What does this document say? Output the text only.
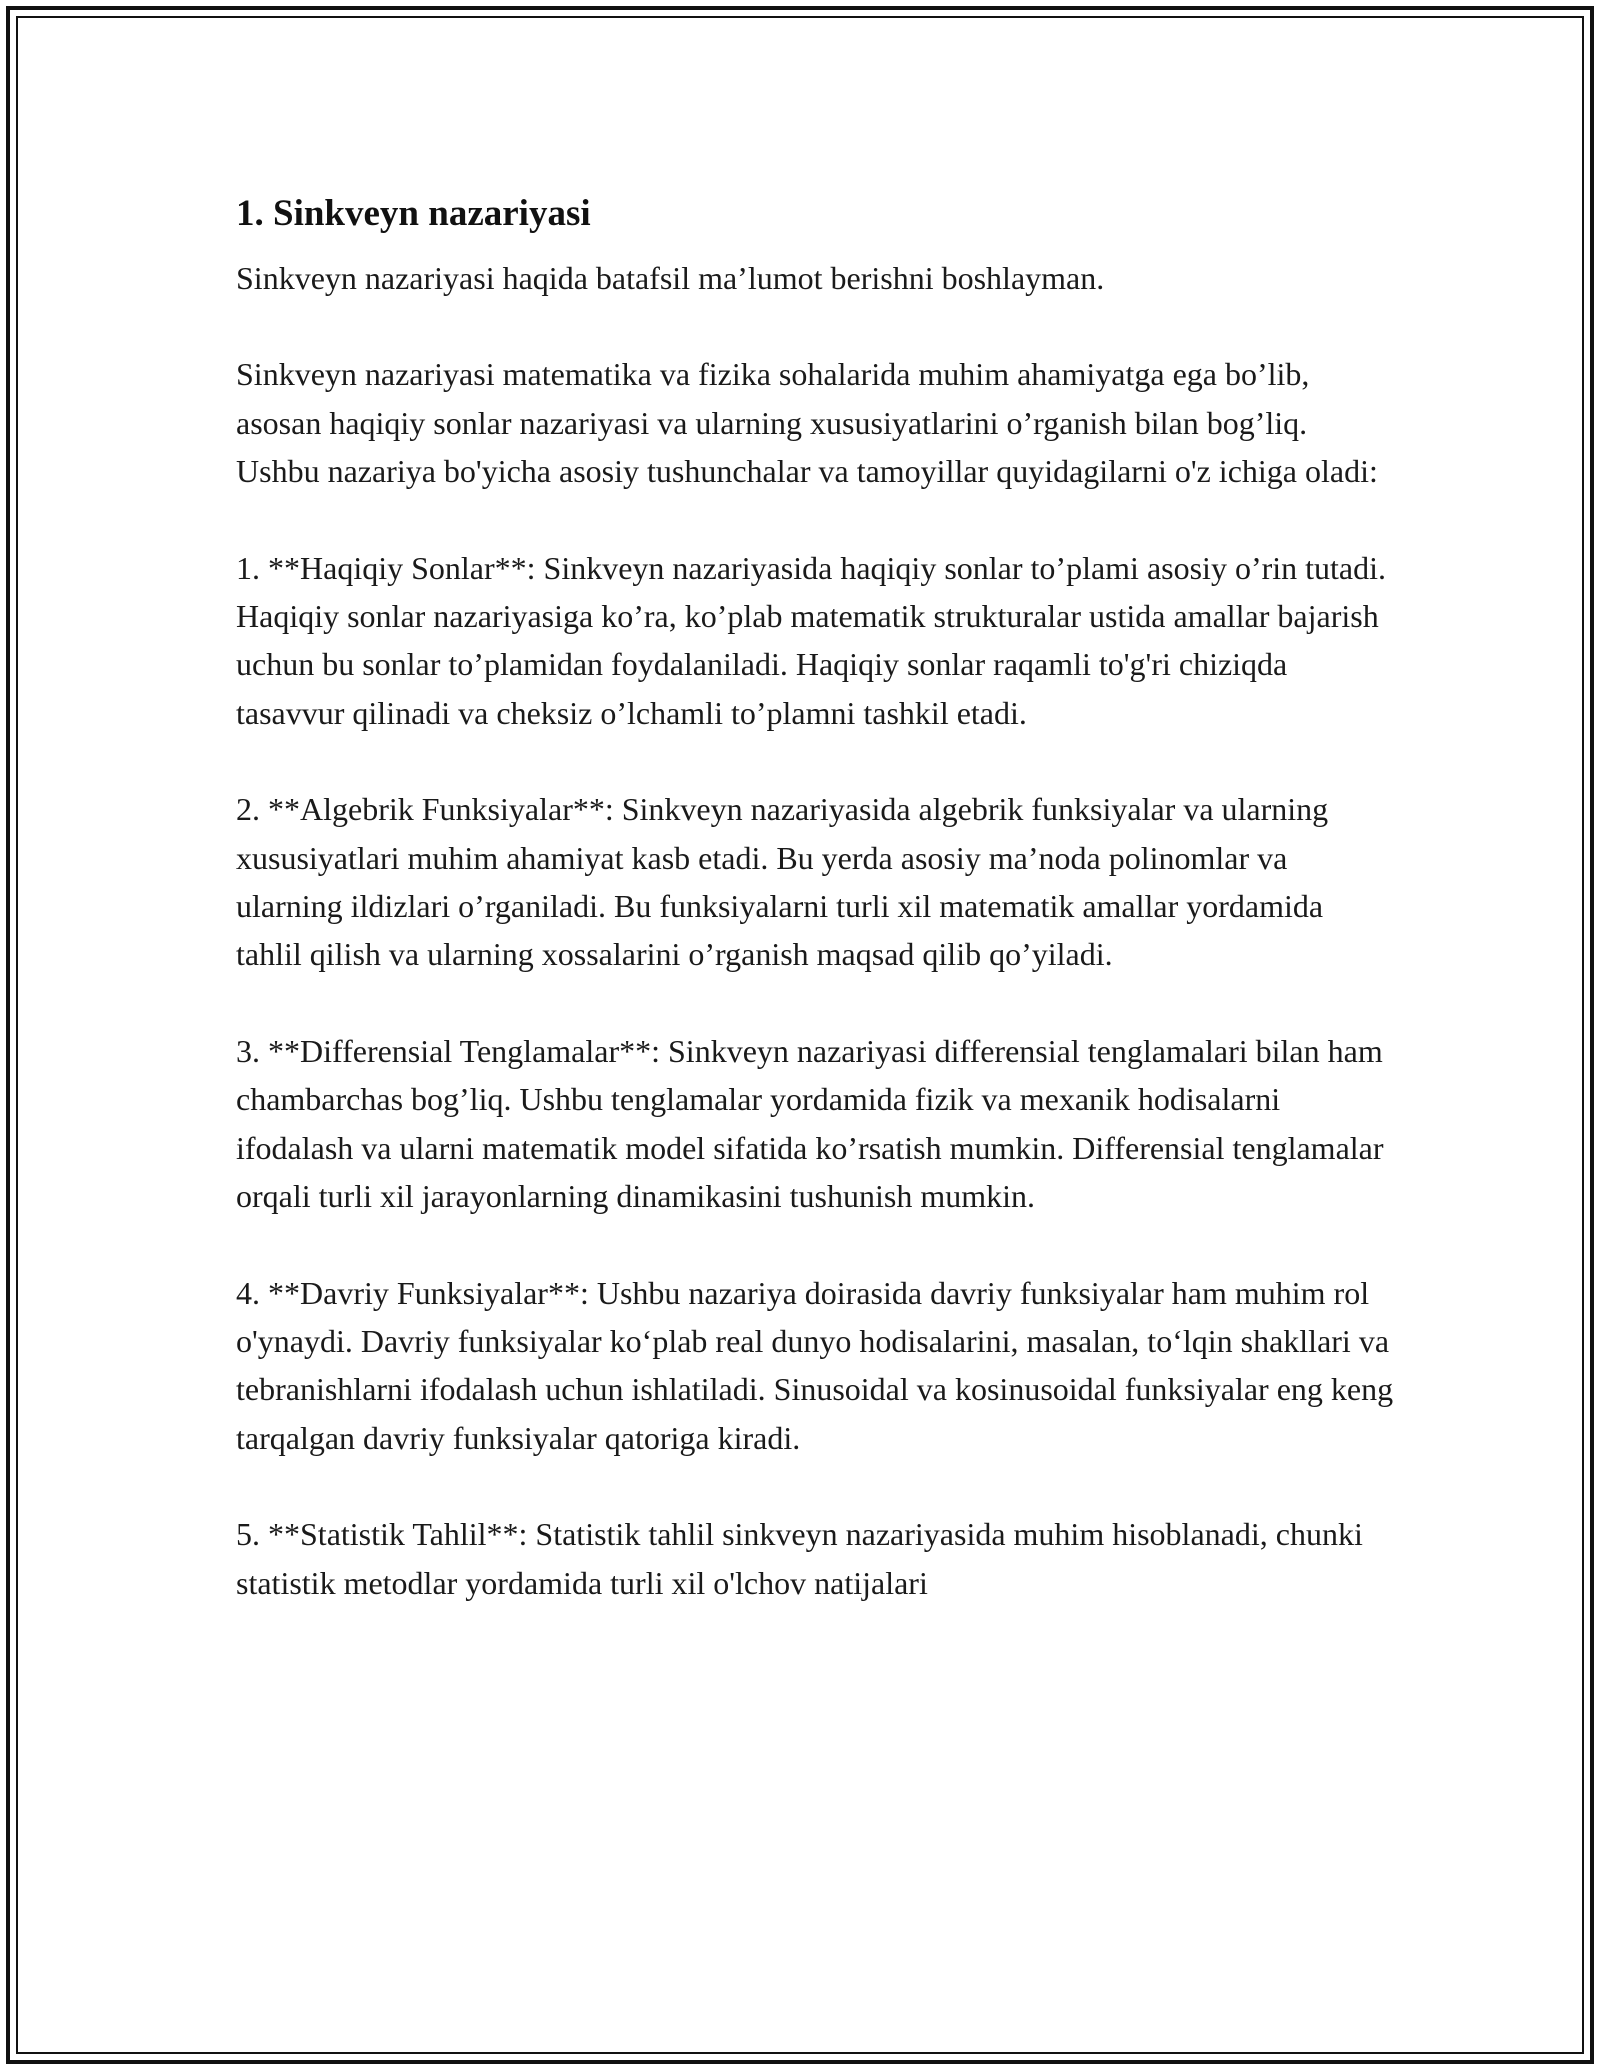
1. Sinkveyn nazariyasi

Sinkveyn nazariyasi haqida batafsil ma’lumot berishni boshlayman.

Sinkveyn nazariyasi matematika va fizika sohalarida muhim ahamiyatga ega bo’lib, asosan haqiqiy sonlar nazariyasi va ularning xususiyatlarini o’rganish bilan bog’liq. Ushbu nazariya bo'yicha asosiy tushunchalar va tamoyillar quyidagilarni o'z ichiga oladi:

1. **Haqiqiy Sonlar**: Sinkveyn nazariyasida haqiqiy sonlar to’plami asosiy o’rin tutadi. Haqiqiy sonlar nazariyasiga ko’ra, ko’plab matematik strukturalar ustida amallar bajarish uchun bu sonlar to’plamidan foydalaniladi. Haqiqiy sonlar raqamli to'g'ri chiziqda tasavvur qilinadi va cheksiz o’lchamli to’plamni tashkil etadi.

2. **Algebrik Funksiyalar**: Sinkveyn nazariyasida algebrik funksiyalar va ularning xususiyatlari muhim ahamiyat kasb etadi. Bu yerda asosiy ma’noda polinomlar va ularning ildizlari o’rganiladi. Bu funksiyalarni turli xil matematik amallar yordamida tahlil qilish va ularning xossalarini o’rganish maqsad qilib qo’yiladi.

3. **Differensial Tenglamalar**: Sinkveyn nazariyasi differensial tenglamalari bilan ham chambarchas bog’liq. Ushbu tenglamalar yordamida fizik va mexanik hodisalarni ifodalash va ularni matematik model sifatida ko’rsatish mumkin. Differensial tenglamalar orqali turli xil jarayonlarning dinamikasini tushunish mumkin.

4. **Davriy Funksiyalar**: Ushbu nazariya doirasida davriy funksiyalar ham muhim rol o'ynaydi. Davriy funksiyalar ko‘plab real dunyo hodisalarini, masalan, to‘lqin shakllari va tebranishlarni ifodalash uchun ishlatiladi. Sinusoidal va kosinusoidal funksiyalar eng keng tarqalgan davriy funksiyalar qatoriga kiradi.

5. **Statistik Tahlil**: Statistik tahlil sinkveyn nazariyasida muhim hisoblanadi, chunki statistik metodlar yordamida turli xil o'lchov natijalari
